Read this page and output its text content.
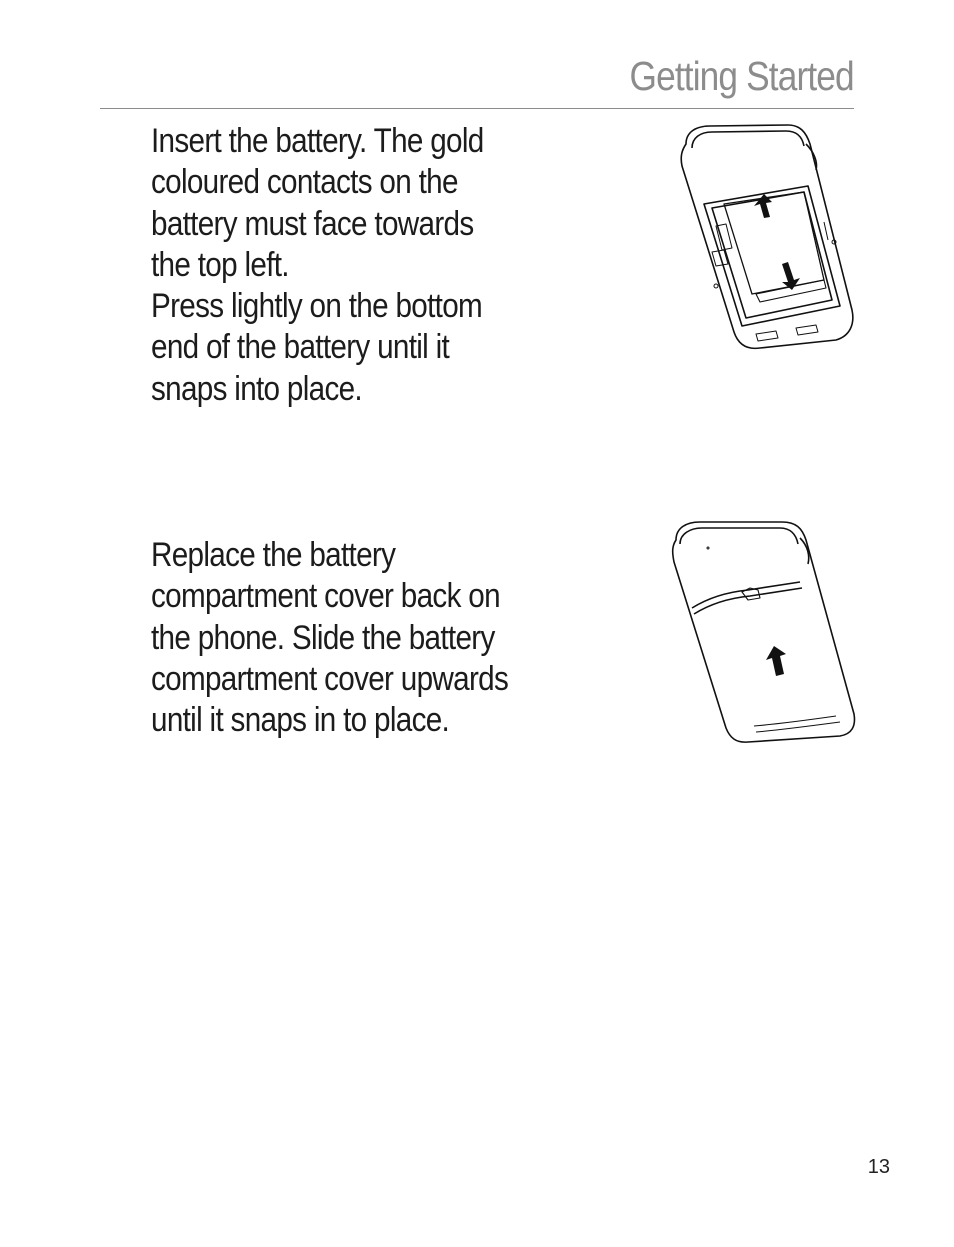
Getting Started

Insert the battery. The gold coloured contacts on the battery must face towards the top left.

Press lightly on the bottom end of the battery until it snaps into place.

Replace the battery compartment cover back on the phone. Slide the battery compartment cover upwards until it snaps in to place.

13
